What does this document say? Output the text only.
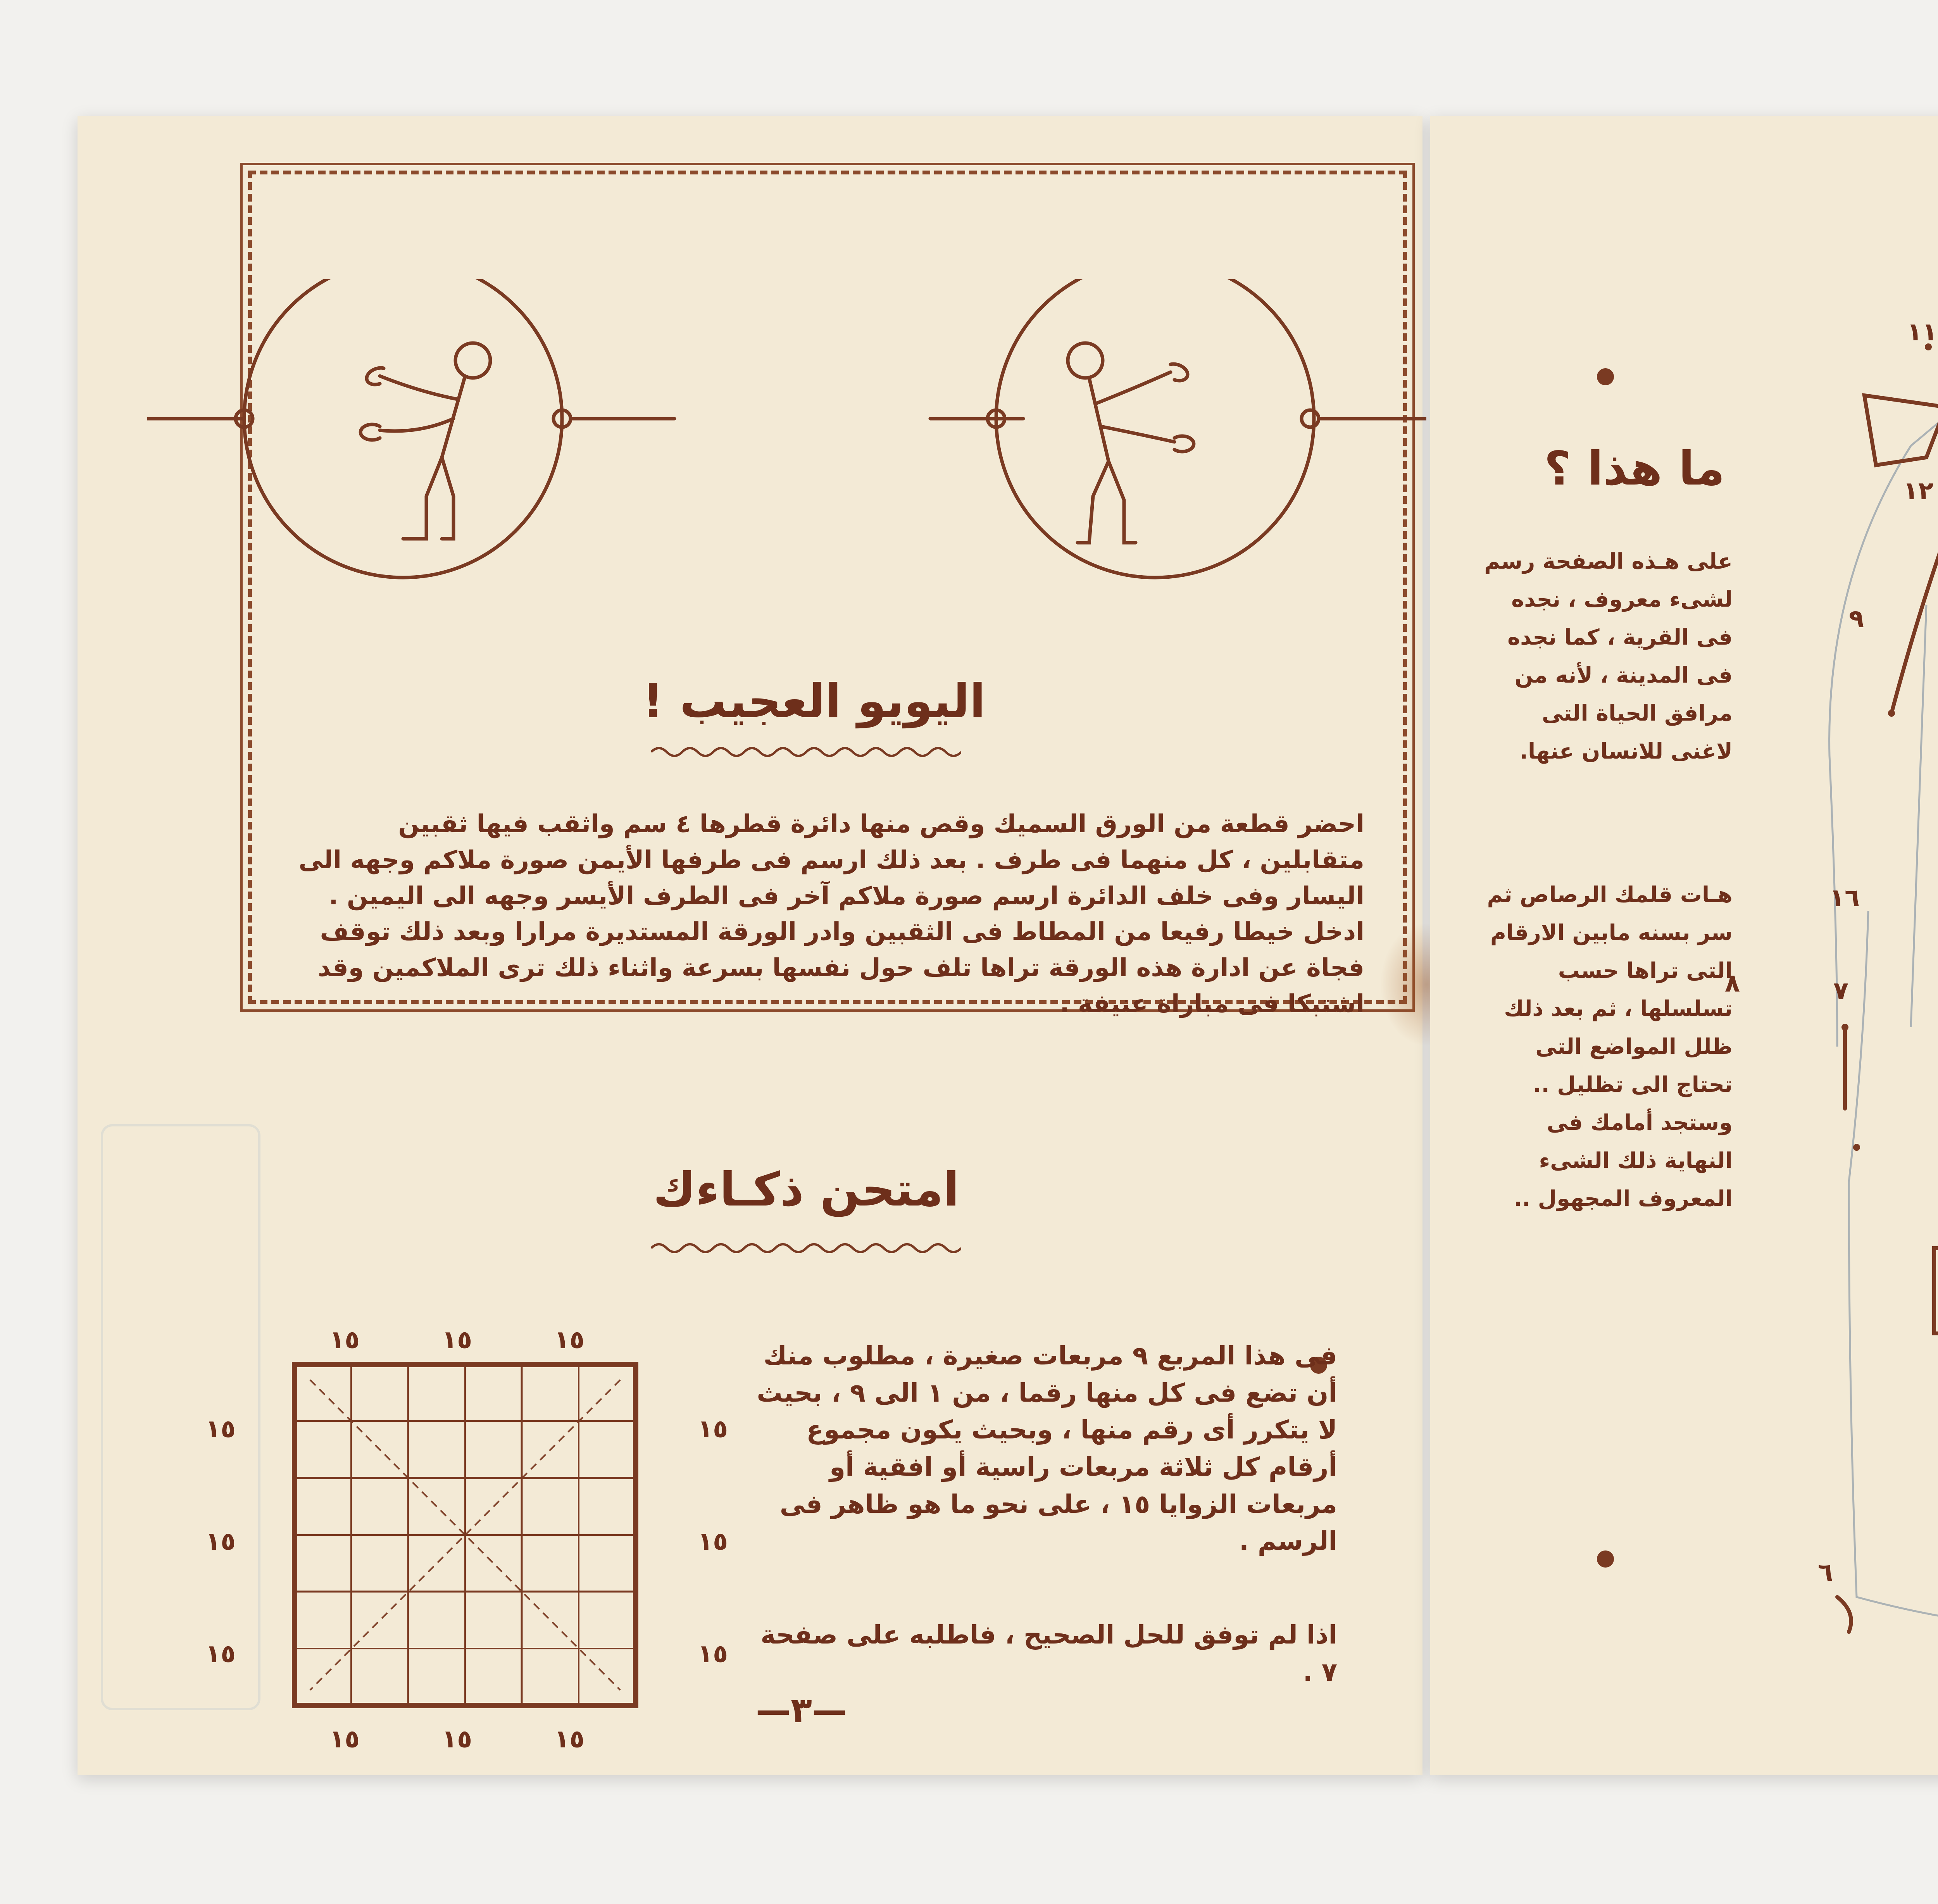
اليويو العجيب !
احضر قطعة من الورق السميك وقص منها دائرة قطرها ٤ سم واثقب فيها ثقبين متقابلين ، كل منهما فى طرف . بعد ذلك ارسم فى طرفها الأيمن صورة ملاكم وجهه الى اليسار وفى خلف الدائرة ارسم صورة ملاكم آخر فى الطرف الأيسر وجهه الى اليمين . ادخل خيطا رفيعا من المطاط فى الثقبين وادر الورقة المستديرة مرارا وبعد ذلك توقف فجاة عن ادارة هذه الورقة تراها تلف حول نفسها بسرعة واثناء ذلك ترى الملاكمين وقد اشتبكا فى مباراة عنيفة .
امتحن ذكـاءك
١٥	١٥	١٥
١٥
١٥
١٥
١٥
١٥
١٥
١٥	١٥	١٥
فى هذا المربع ٩ مربعات صغيرة ، مطلوب منك أن تضع فى كل منها رقما ، من ١ الى ٩ ، بحيث لا يتكرر أى رقم منها ، وبحيث يكون مجموع أرقام كل ثلاثة مربعات راسية أو افقية أو مربعات الزوايا ١٥ ، على نحو ما هو ظاهر فى الرسم .
اذا لم توفق للحل الصحيح ، فاطلبه على صفحة ٧ .
—٣—
ما هذا ؟
على هـذه الصفحة رسم لشىء معروف ، نجده فى القرية ، كما نجده فى المدينة ، لأنه من مرافق الحياة التى لاغنى للانسان عنها.
هـات قلمك الرصاص ثم سر بسنه مابين الارقام التى تراها حسب تسلسلها ، ثم بعد ذلك ظلل المواضع التى تحتاج الى تظليل .. وستجد أمامك فى النهاية ذلك الشىء المعروف المجهول ..
١١
١٢
٩
١٦
٨	٧
٦
